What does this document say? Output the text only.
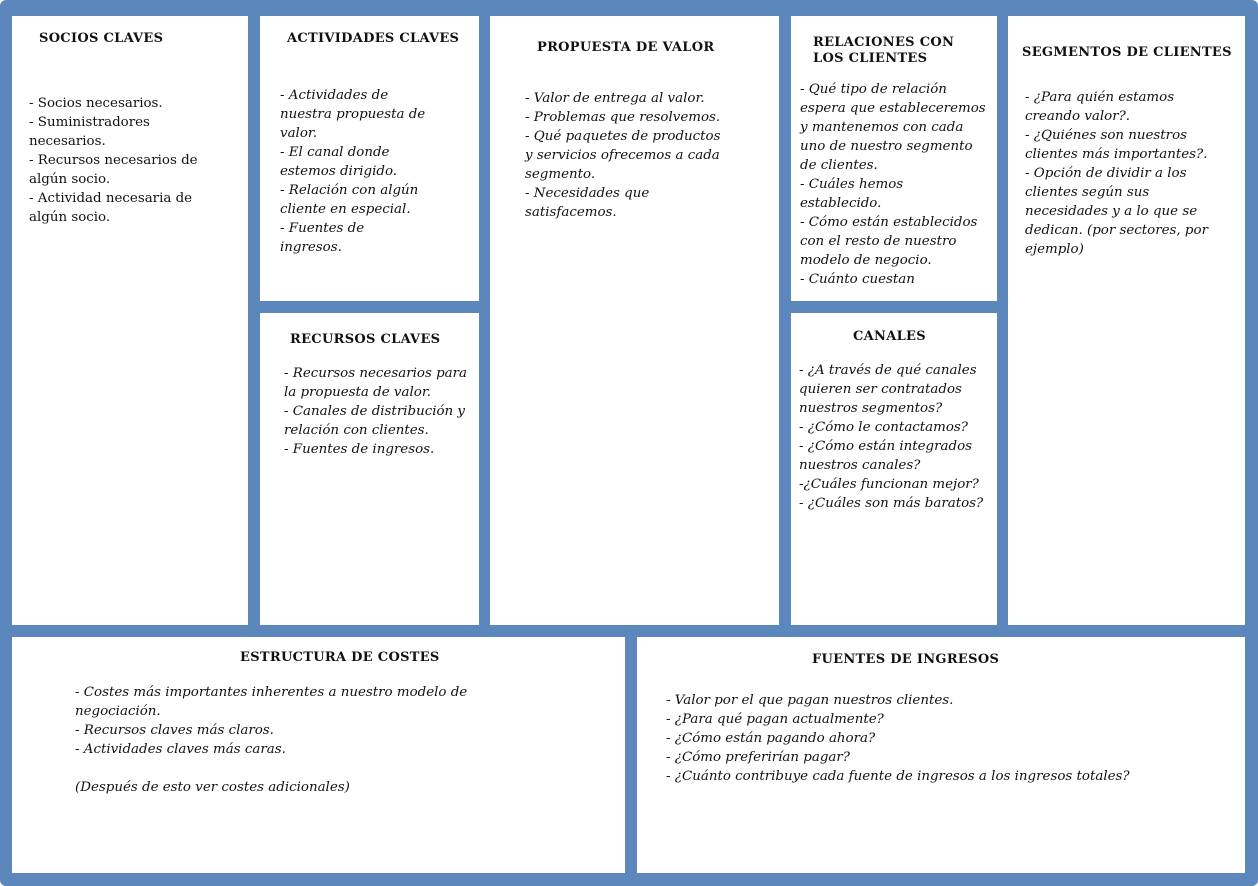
SOCIOS CLAVES
- Socios necesarios.
- Suministradores necesarios.
- Recursos necesarios de algún socio.
- Actividad necesaria de algún socio.
ACTIVIDADES CLAVES
- Actividades de nuestra propuesta de valor.
- El canal donde estemos dirigido.
- Relación con algún cliente en especial.
- Fuentes de ingresos.
RECURSOS CLAVES
- Recursos necesarios para la propuesta de valor.
- Canales de distribución y relación con clientes.
- Fuentes de ingresos.
PROPUESTA DE VALOR
- Valor de entrega al valor.
- Problemas que resolvemos.
- Qué paquetes de productos y servicios ofrecemos a cada segmento.
- Necesidades que satisfacemos.
RELACIONES CON
LOS CLIENTES
- Qué tipo de relación espera que estableceremos y mantenemos con cada uno de nuestro segmento de clientes.
- Cuáles hemos establecido.
- Cómo están establecidos con el resto de nuestro modelo de negocio.
- Cuánto cuestan
CANALES
- ¿A través de qué canales quieren ser contratados nuestros segmentos?
- ¿Cómo le contactamos?
- ¿Cómo están integrados nuestros canales?
-¿Cuáles funcionan mejor?
- ¿Cuáles son más baratos?
SEGMENTOS DE CLIENTES
- ¿Para quién estamos creando valor?.
- ¿Quiénes son nuestros clientes más importantes?.
- Opción de dividir a los clientes según sus necesidades y a lo que se dedican. (por sectores, por ejemplo)
ESTRUCTURA DE COSTES
- Costes más importantes inherentes a nuestro modelo de negociación.
- Recursos claves más claros.
- Actividades claves más caras.
(Después de esto ver costes adicionales)
FUENTES DE INGRESOS
- Valor por el que pagan nuestros clientes.
- ¿Para qué pagan actualmente?
- ¿Cómo están pagando ahora?
- ¿Cómo preferirían pagar?
- ¿Cuánto contribuye cada fuente de ingresos a los ingresos totales?
